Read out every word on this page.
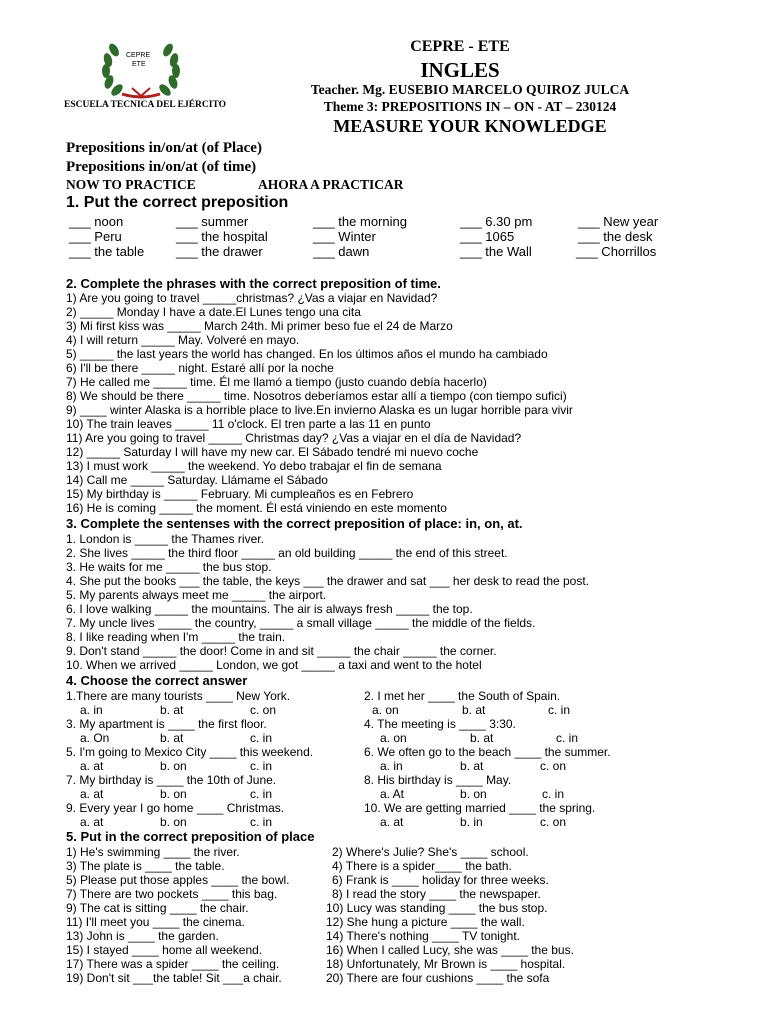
CEPRE
ETE
ESCUELA TECNICA DEL EJÉRCITO
CEPRE - ETE
INGLES
Teacher. Mg. EUSEBIO MARCELO QUIROZ JULCA
Theme 3: PREPOSITIONS IN – ON - AT – 230124
MEASURE YOUR KNOWLEDGE
Prepositions in/on/at (of Place)
Prepositions in/on/at (of time)
NOW TO PRACTICE	AHORA A PRACTICAR
1. Put the correct preposition
___ noon	___ summer	___ the morning	___ 6.30 pm	___ New year
___ Peru	___ the hospital	___ Winter	___ 1065	___ the desk
___ the table ___ the drawer	___ dawn	___ the Wall	___ Chorrillos
2. Complete the phrases with the correct preposition of time.
1) Are you going to travel _____christmas? ¿Vas a viajar en Navidad?
2) _____ Monday I have a date.El Lunes tengo una cita
3) Mi first kiss was _____ March 24th. Mi primer beso fue el 24 de Marzo
4) I will return _____ May. Volveré en mayo.
5) _____ the last years the world has changed. En los últimos años el mundo ha cambiado
6) I'll be there _____ night. Estaré allí por la noche
7) He called me _____ time. Él me llamó a tiempo (justo cuando debía hacerlo)
8) We should be there _____ time. Nosotros deberíamos estar allí a tiempo (con tiempo sufici)
9) ____ winter Alaska is a horrible place to live.En invierno Alaska es un lugar horrible para vivir
10) The train leaves _____ 11 o'clock. El tren parte a las 11 en punto
11) Are you going to travel _____ Christmas day? ¿Vas a viajar en el día de Navidad?
12) _____ Saturday I will have my new car. El Sábado tendré mi nuevo coche
13) I must work _____ the weekend. Yo debo trabajar el fin de semana
14) Call me _____ Saturday. Llámame el Sábado
15) My birthday is _____ February. Mi cumpleaños es en Febrero
16) He is coming _____ the moment. Él está viniendo en este momento
3. Complete the sentenses with the correct preposition of place: in, on, at.
1. London is _____ the Thames river.
2. She lives _____ the third floor _____ an old building _____ the end of this street.
3. He waits for me _____ the bus stop.
4. She put the books ___ the table, the keys ___ the drawer and sat ___ her desk to read the post.
5. My parents always meet me _____ the airport.
6. I love walking _____ the mountains. The air is always fresh _____ the top.
7. My uncle lives _____ the country, _____ a small village _____ the middle of the fields.
8. I like reading when I'm _____ the train.
9. Don't stand _____ the door! Come in and sit _____ the chair _____ the corner.
10. When we arrived _____ London, we got _____ a taxi and went to the hotel
4. Choose the correct answer
1.There are many tourists ____ New York.
a. in	b. at	c. on
2. I met her ____ the South of Spain.
a. on	b. at	c. in
3. My apartment is ____ the first floor.
a. On	b. at	c. in
4. The meeting is ____ 3:30.
a. on	b. at	c. in
5. I'm going to Mexico City ____ this weekend.
a. at	b. on	c. in
6. We often go to the beach ____ the summer.
a. in	b. at	c. on
7. My birthday is ____ the 10th of June.
a. at	b. on	c. in
8. His birthday is ____ May.
a. At	b. on	c. in
9. Every year I go home ____ Christmas.
a. at	b. on	c. in
10. We are getting married ____ the spring.
a. at	b. in	c. on
5. Put in the correct preposition of place
1) He's swimming ____ the river.
3) The plate is ____ the table.
5) Please put those apples ____ the bowl.
7) There are two pockets ____ this bag.
9) The cat is sitting ____ the chair.
11) I'll meet you ____ the cinema.
13) John is ____ the garden.
15) I stayed ____ home all weekend.
17) There was a spider ____ the ceiling.
19) Don't sit ___the table! Sit ___a chair.
2) Where's Julie? She's ____ school.
4) There is a spider____ the bath.
6) Frank is ____ holiday for three weeks.
8) I read the story ____ the newspaper.
10) Lucy was standing ____ the bus stop.
12) She hung a picture ____ the wall.
14) There's nothing ____ TV tonight.
16) When I called Lucy, she was ____ the bus.
18) Unfortunately, Mr Brown is ____ hospital.
20) There are four cushions ____ the sofa
